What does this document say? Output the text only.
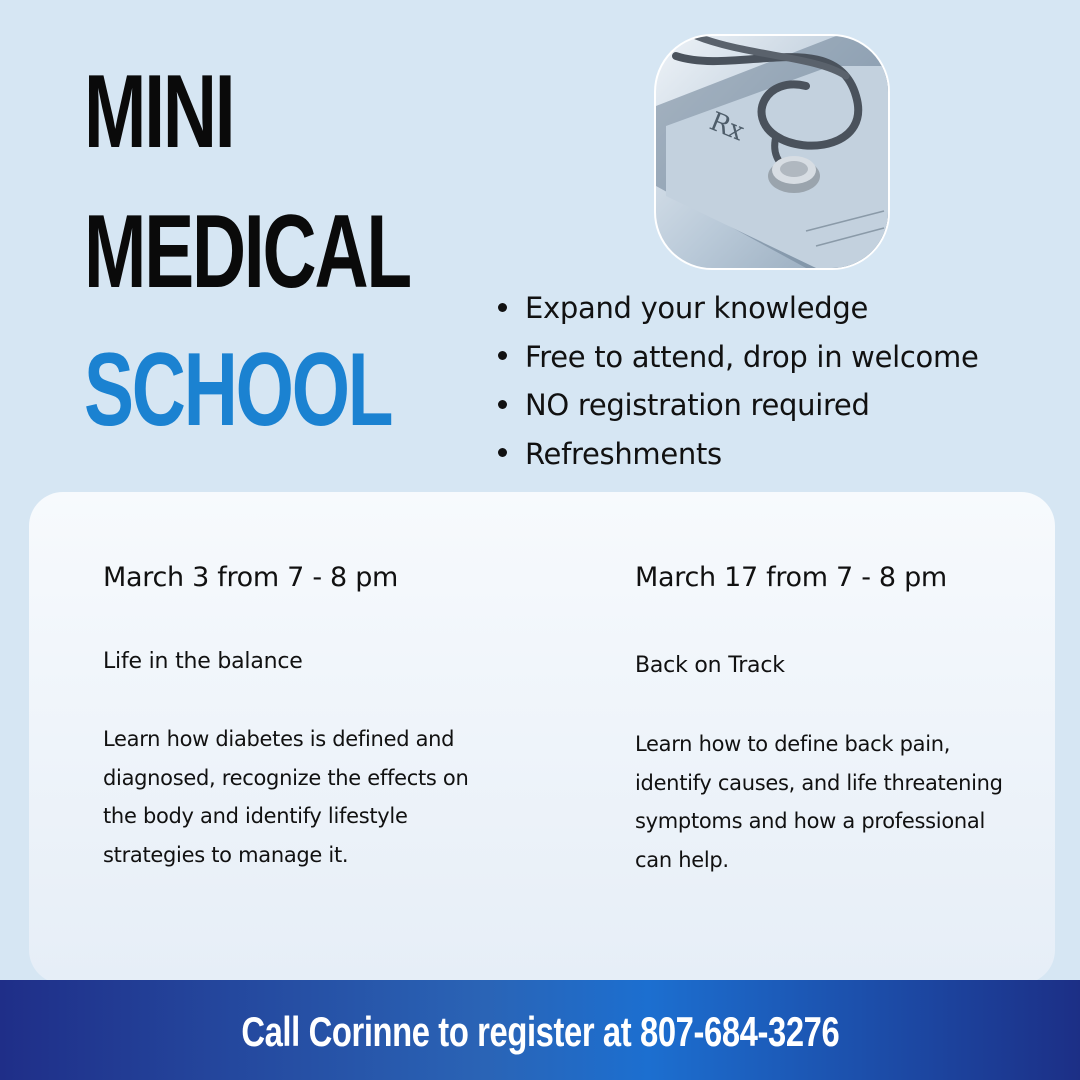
MINI
MEDICAL
SCHOOL
Rx
Expand your knowledge
Free to attend, drop in welcome
NO registration required
Refreshments

March 3 from 7 - 8 pm

Life in the balance

Learn how diabetes is defined and diagnosed, recognize the effects on the body and identify lifestyle strategies to manage it.

March 17 from 7 - 8 pm

Back on Track

Learn how to define back pain, identify causes, and life threatening symptoms and how a professional can help.

Call Corinne to register at 807-684-3276
